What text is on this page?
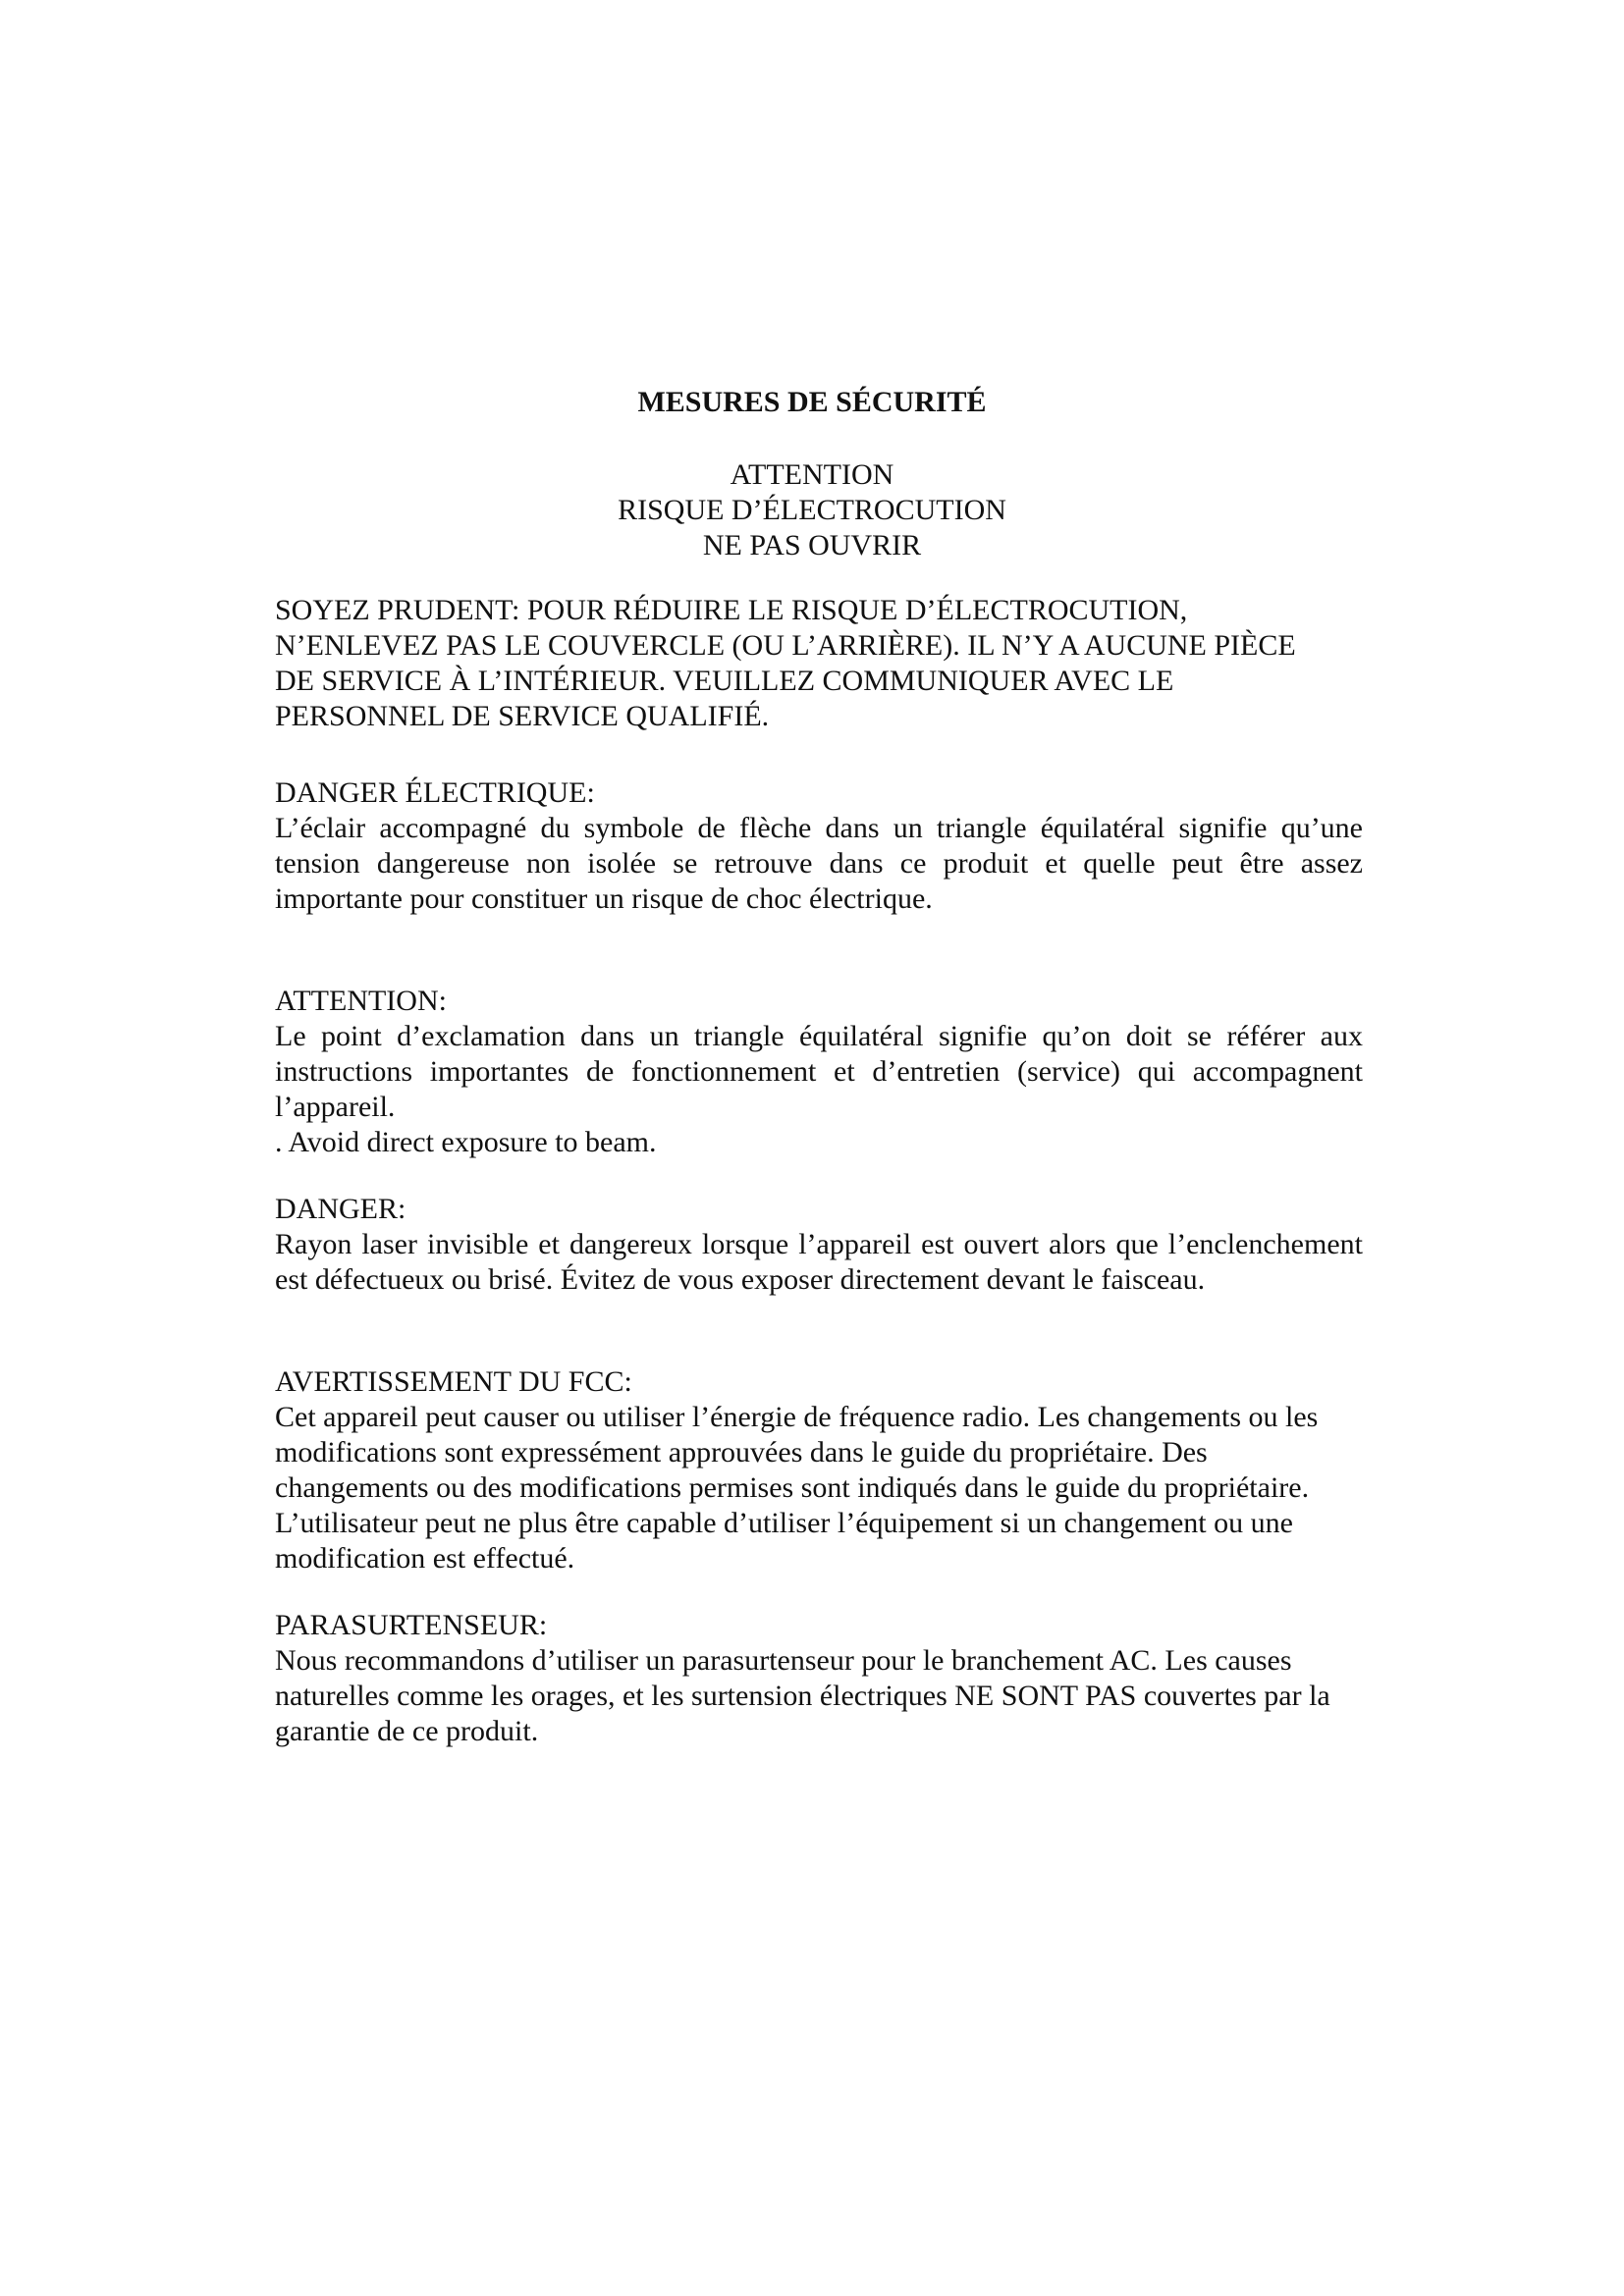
MESURES DE SÉCURITÉ
ATTENTION
RISQUE D’ÉLECTROCUTION
NE PAS OUVRIR
SOYEZ PRUDENT: POUR RÉDUIRE LE RISQUE D’ÉLECTROCUTION,
N’ENLEVEZ PAS LE COUVERCLE (OU L’ARRIÈRE). IL N’Y A AUCUNE PIÈCE
DE SERVICE À L’INTÉRIEUR. VEUILLEZ COMMUNIQUER AVEC LE
PERSONNEL DE SERVICE QUALIFIÉ.
DANGER ÉLECTRIQUE:
L’éclair accompagné du symbole de flèche dans un triangle équilatéral signifie qu’une tension dangereuse non isolée se retrouve dans ce produit et quelle peut être assez importante pour constituer un risque de choc électrique.
ATTENTION:
Le point d’exclamation dans un triangle équilatéral signifie qu’on doit se référer aux instructions importantes de fonctionnement et d’entretien (service) qui accompagnent l’appareil.
. Avoid direct exposure to beam.
DANGER:
Rayon laser invisible et dangereux lorsque l’appareil est ouvert alors que l’enclenchement est défectueux ou brisé. Évitez de vous exposer directement devant le faisceau.
AVERTISSEMENT DU FCC:
Cet appareil peut causer ou utiliser l’énergie de fréquence radio. Les changements ou les
modifications sont expressément approuvées dans le guide du propriétaire. Des
changements ou des modifications permises sont indiqués dans le guide du propriétaire.
L’utilisateur peut ne plus être capable d’utiliser l’équipement si un changement ou une
modification est effectué.
PARASURTENSEUR:
Nous recommandons d’utiliser un parasurtenseur pour le branchement AC. Les causes
naturelles comme les orages, et les surtension électriques NE SONT PAS couvertes par la
garantie de ce produit.
